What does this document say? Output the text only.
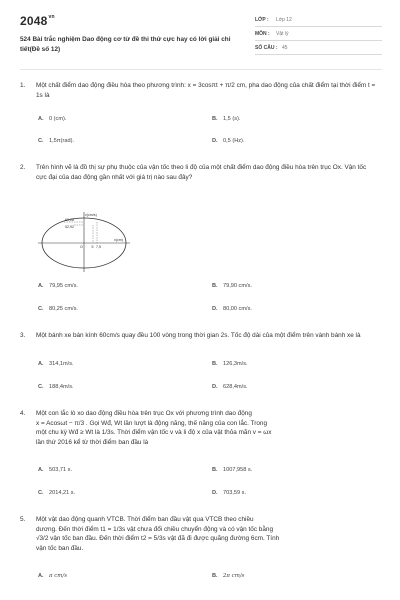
$2048^{vn}$
524 Bài trắc nghiệm Dao động cơ từ đề thi thử cực hay có lời giải chi tiết(Đề số 12)
LỚP : Lớp 12
MÔN : Vật lý
SỐ CÂU : 45
1. Một chất điểm dao động điều hòa theo phương trình: x = 3cosπt + π/2 cm, pha dao động của chất điểm tại thời điểm t = 1s là
A. 0 (cm).	B. 1,5 (s).
C. 1,5π(rad).	D. 0,5 (Hz).
2. Trên hình vẽ là đồ thị sự phụ thuộc của vận tốc theo li độ của một chất điểm dao động điều hòa trên trục Ox. Vận tốc cực đại của dao động gần nhất với giá trị nào sau đây?
v(cm/s)
69,28
52,92
x(cm)
O 5 7,5
A. 79,95 cm/s.	B. 79,90 cm/s.
C. 80,25 cm/s.	D. 80,00 cm/s.
3. Một bánh xe bán kính 60cm/s quay đều 100 vòng trong thời gian 2s. Tốc độ dài của một điểm trên vành bánh xe là
A. 314,1m/s.	B. 126,3m/s.
C. 188,4m/s.	D. 628,4m/s.
4. Một con lắc lò xo dao động điều hòa trên trục Ox với phương trình dao động
x = Acosωt − π/3 . Gọi Wđ, Wt lần lượt là động năng, thế năng của con lắc. Trong
một chu kỳ Wđ ≥ Wt là 1/3s. Thời điểm vận tốc v và li độ x của vật thỏa mãn v = ωx
lần thứ 2016 kể từ thời điểm ban đầu là
A. 503,71 s.	B. 1007,958 s.
C. 2014,21 s.	D. 703,59 s.
5. Một vật dao động quanh VTCB. Thời điểm ban đầu vật qua VTCB theo chiều
dương. Đến thời điểm t1 = 1/3s vật chưa đổi chiều chuyển động và có vận tốc bằng
√3/2 vận tốc ban đầu. Đến thời điểm t2 = 5/3s vật đã đi được quãng đường 6cm. Tính
vận tốc ban đầu.
A. π cm/s	B. 2π cm/s
